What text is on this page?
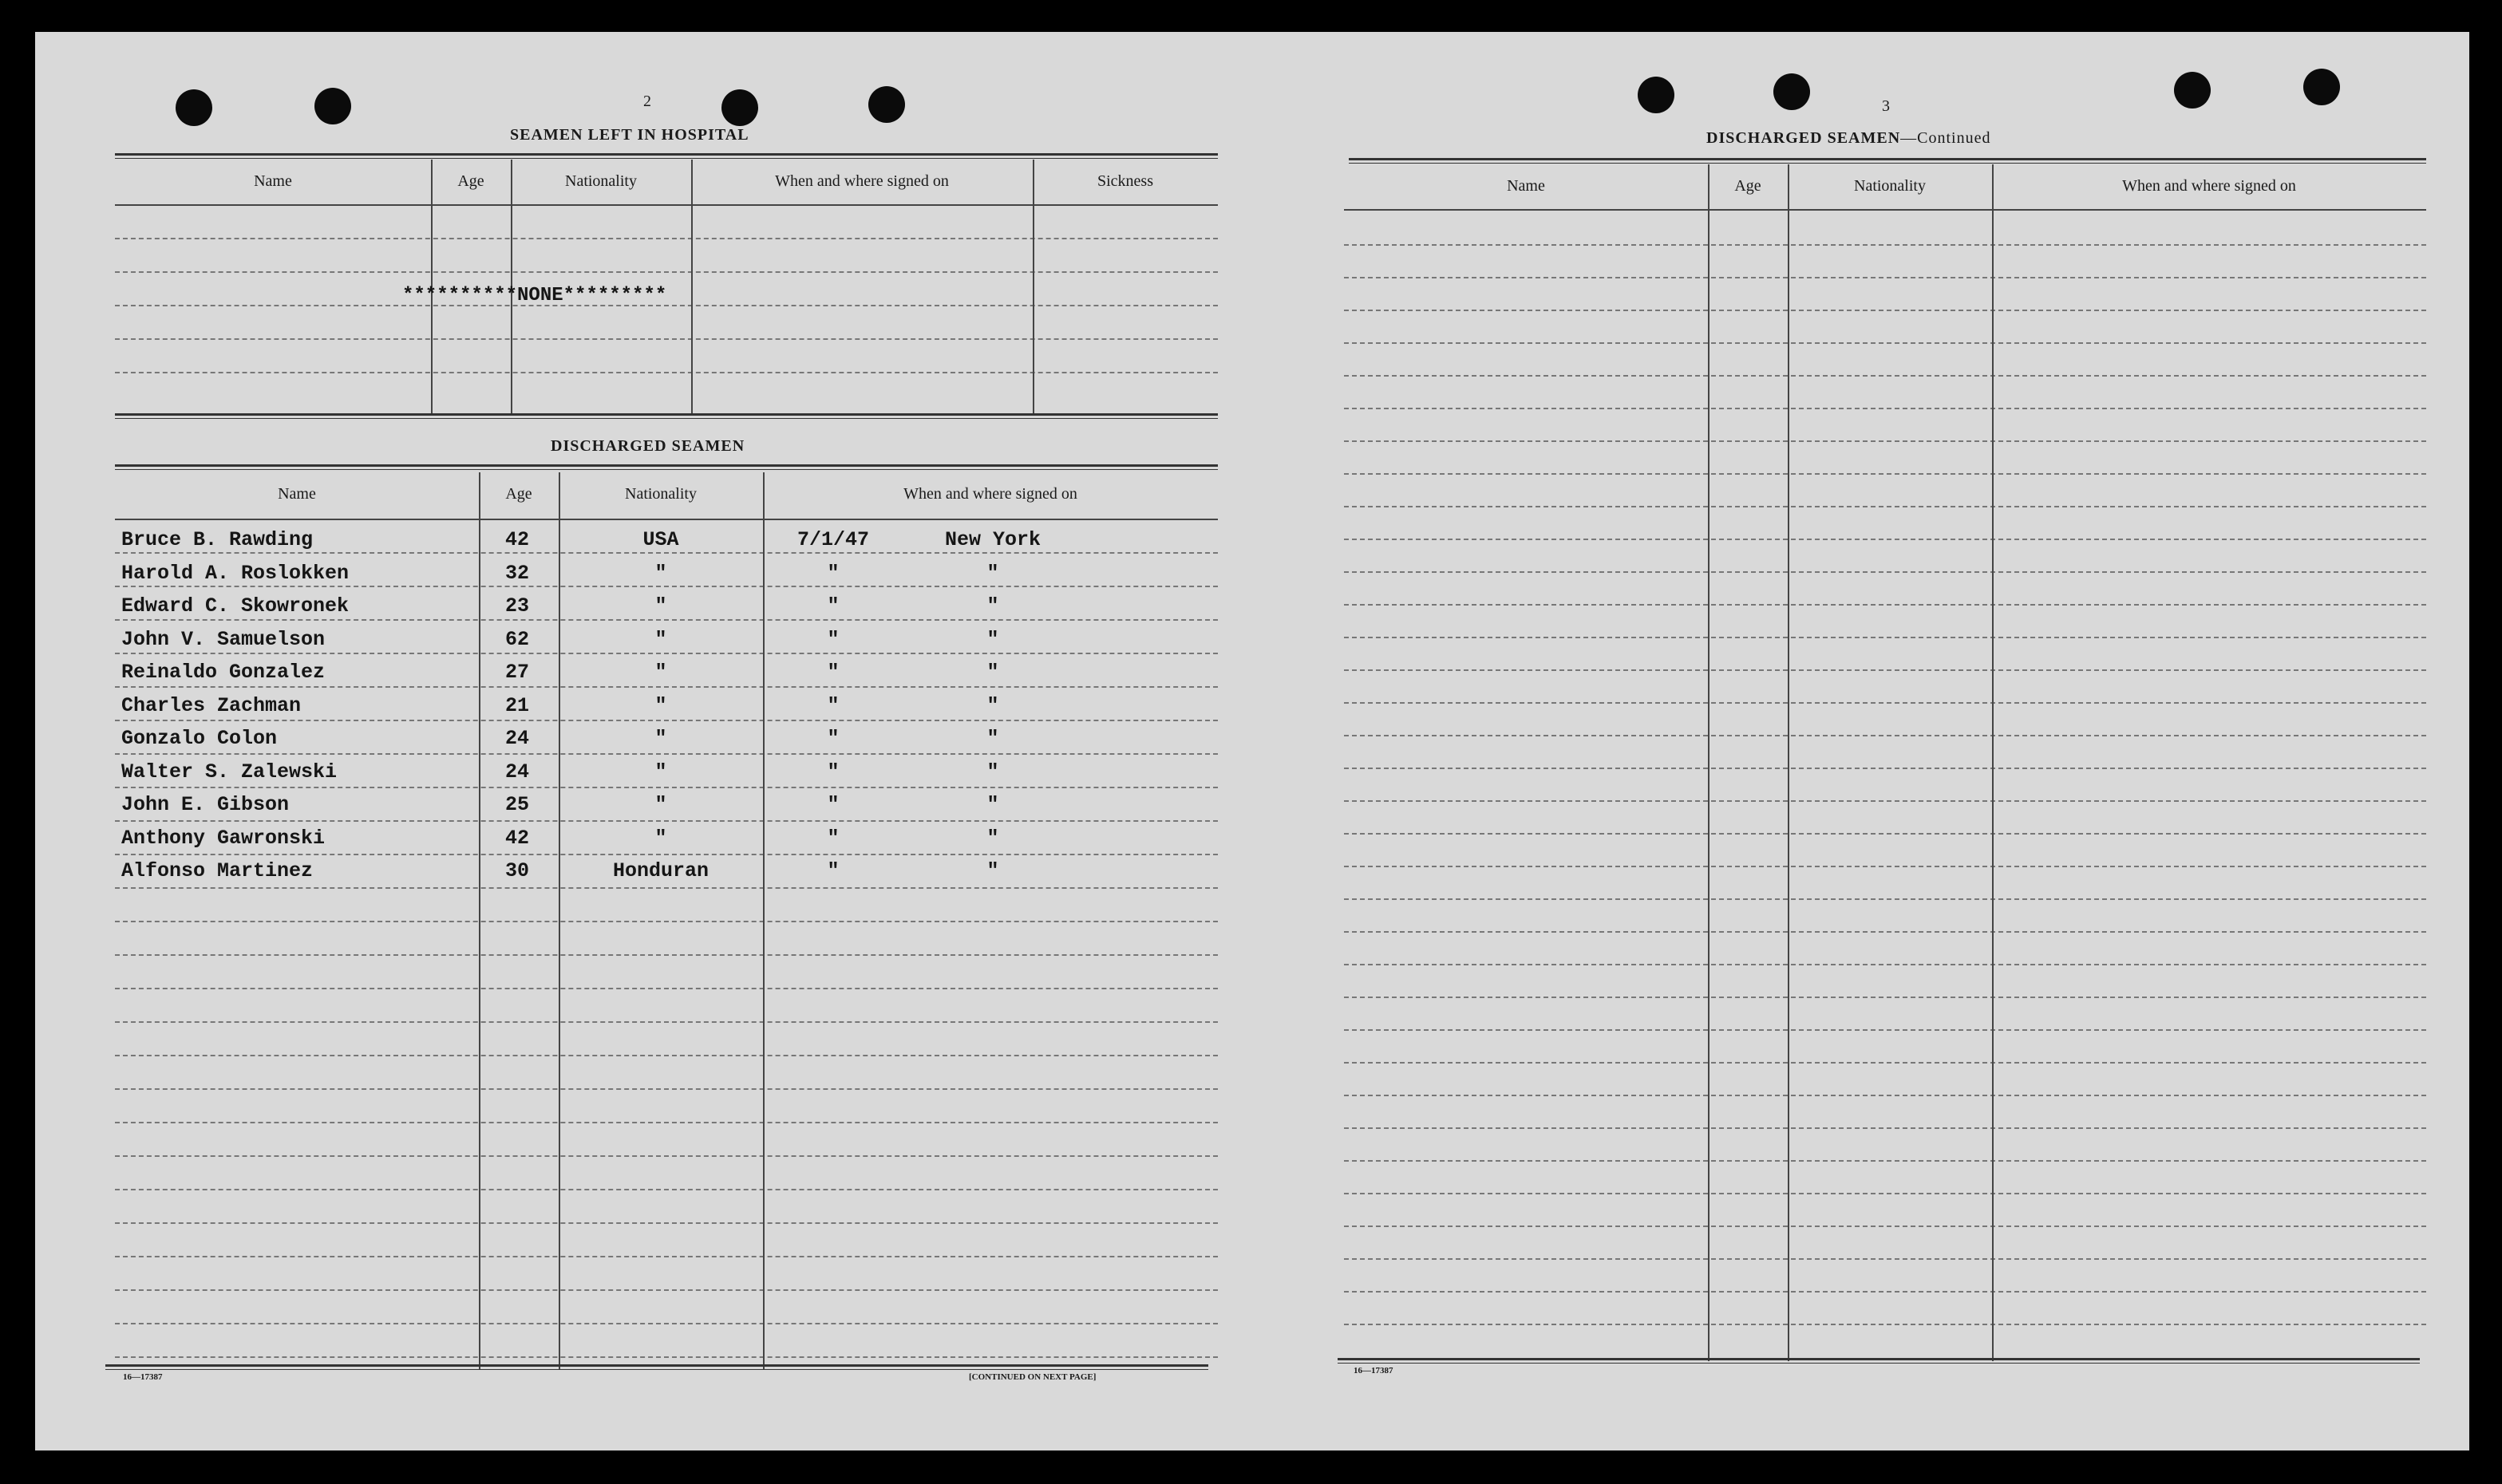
2
SEAMEN LEFT IN HOSPITAL
Name	Age	Nationality	When and where signed on	Sickness
**********NONE*********
DISCHARGED SEAMEN
Name	Age	Nationality	When and where signed on
Bruce B. Rawding	42	USA	7/1/47	New York
Harold A. Roslokken	32	"	"	"
Edward C. Skowronek	23	"	"	"
John V. Samuelson	62	"	"	"
Reinaldo Gonzalez	27	"	"	"
Charles Zachman	21	"	"	"
Gonzalo Colon	24	"	"	"
Walter S. Zalewski	24	"	"	"
John E. Gibson	25	"	"	"
Anthony Gawronski	42	"	"	"
Alfonso Martinez	30	Honduran	"	"
16—17387	[CONTINUED ON NEXT PAGE]
3
DISCHARGED SEAMEN—Continued
Name	Age	Nationality	When and where signed on
16—17387
